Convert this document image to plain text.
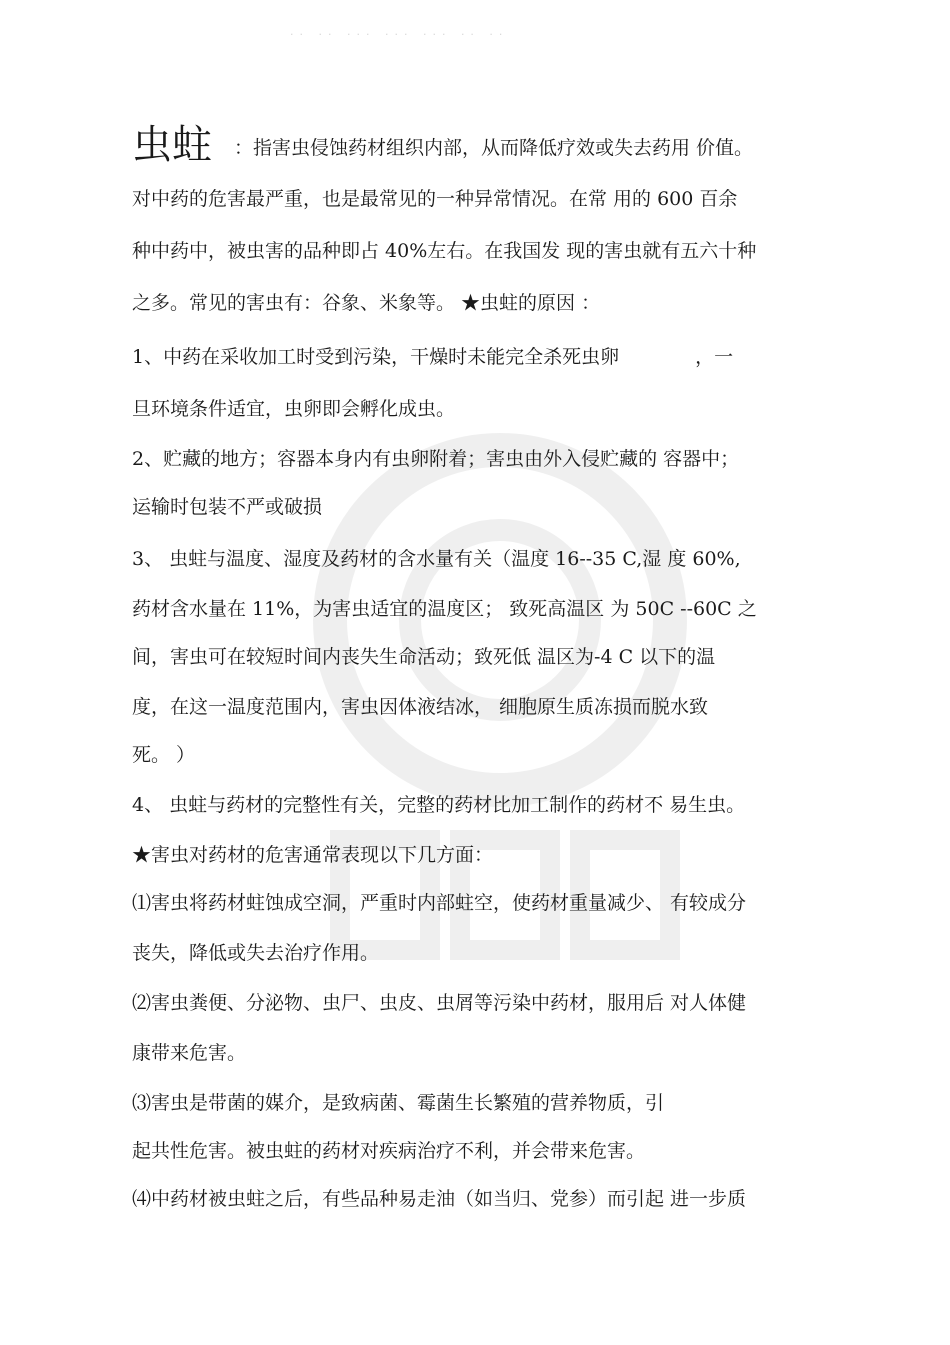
·· ·· ··· ··· ··· ·· ··
虫蛀 ：指害虫侵蚀药材组织内部，从而降低疗效或失去药用 价值。
对中药的危害最严重，也是最常见的一种异常情况。在常 用的 600 百余
种中药中，被虫害的品种即占 40%左右。在我国发 现的害虫就有五六十种
之多。常见的害虫有：谷象、米象等。 ★虫蛀的原因 ：
1、中药在采收加工时受到污染，干燥时未能完全杀死虫卵	，一
旦环境条件适宜，虫卵即会孵化成虫。
2、贮藏的地方；容器本身内有虫卵附着；害虫由外入侵贮藏的 容器中；
运输时包装不严或破损
3、 虫蛀与温度、湿度及药材的含水量有关（温度 16--35 C,湿 度 60%,
药材含水量在 11%，为害虫适宜的温度区； 致死高温区 为 50C --60C 之
间，害虫可在较短时间内丧失生命活动；致死低 温区为-4 C 以下的温
度，在这一温度范围内，害虫因体液结冰， 细胞原生质冻损而脱水致
死。 ）
4、 虫蛀与药材的完整性有关，完整的药材比加工制作的药材不 易生虫。
★害虫对药材的危害通常表现以下几方面：
⑴害虫将药材蛀蚀成空洞，严重时内部蛀空，使药材重量减少、 有较成分
丧失，降低或失去治疗作用。
⑵害虫粪便、分泌物、虫尸、虫皮、虫屑等污染中药材，服用后 对人体健
康带来危害。
⑶害虫是带菌的媒介，是致病菌、霉菌生长繁殖的营养物质，引
起共性危害。被虫蛀的药材对疾病治疗不利，并会带来危害。
⑷中药材被虫蛀之后，有些品种易走油（如当归、党参）而引起 进一步质
